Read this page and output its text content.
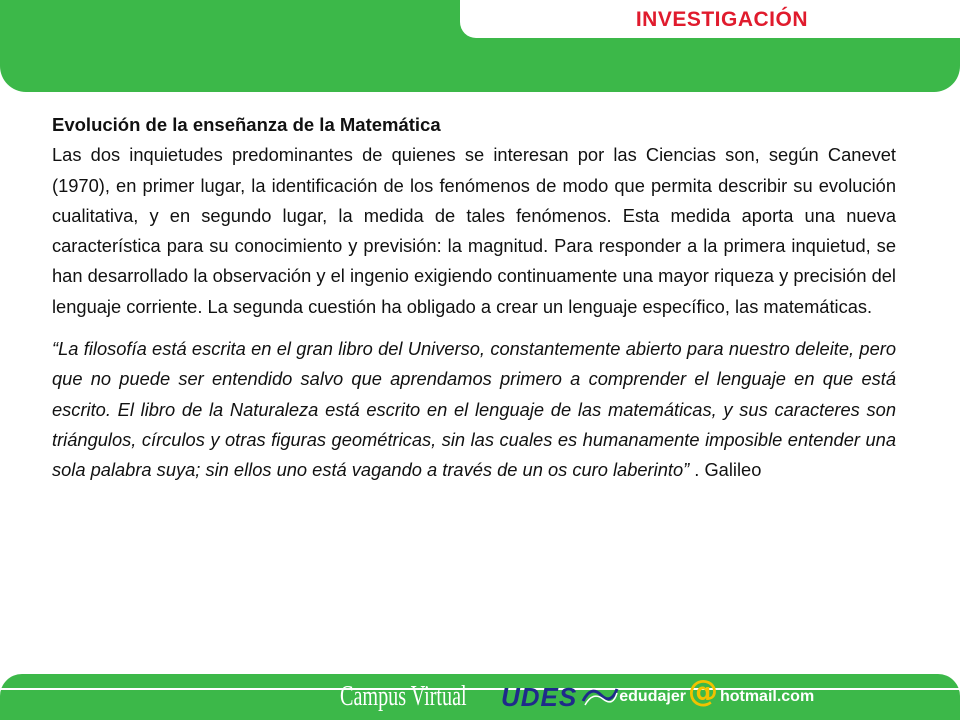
INVESTIGACIÓN
Evolución de la enseñanza de la Matemática

Las dos inquietudes predominantes de quienes se interesan por las Ciencias son, según Canevet (1970), en primer lugar, la identificación de los fenómenos de modo que permita describir su evolución cualitativa, y en segundo lugar, la medida de tales fenómenos. Esta medida aporta una nueva característica para su conocimiento y previsión: la magnitud. Para responder a la primera inquietud, se han desarrollado la observación y el ingenio exigiendo continuamente una mayor riqueza y precisión del lenguaje corriente. La segunda cuestión ha obligado a crear un lenguaje específico, las matemáticas.

“La filosofía está escrita en el gran libro del Universo, constantemente abierto para nuestro deleite, pero que no puede ser entendido salvo que aprendamos primero a comprender el lenguaje en que está escrito. El libro de la Naturaleza está escrito en el lenguaje de las matemáticas, y sus caracteres son triángulos, círculos y otras figuras geométricas, sin las cuales es humanamente imposible entender una sola palabra suya; sin ellos uno está vagando a través de un os curo laberinto” . Galileo

Campus Virtual UDES	edudajer @ hotmail.com
